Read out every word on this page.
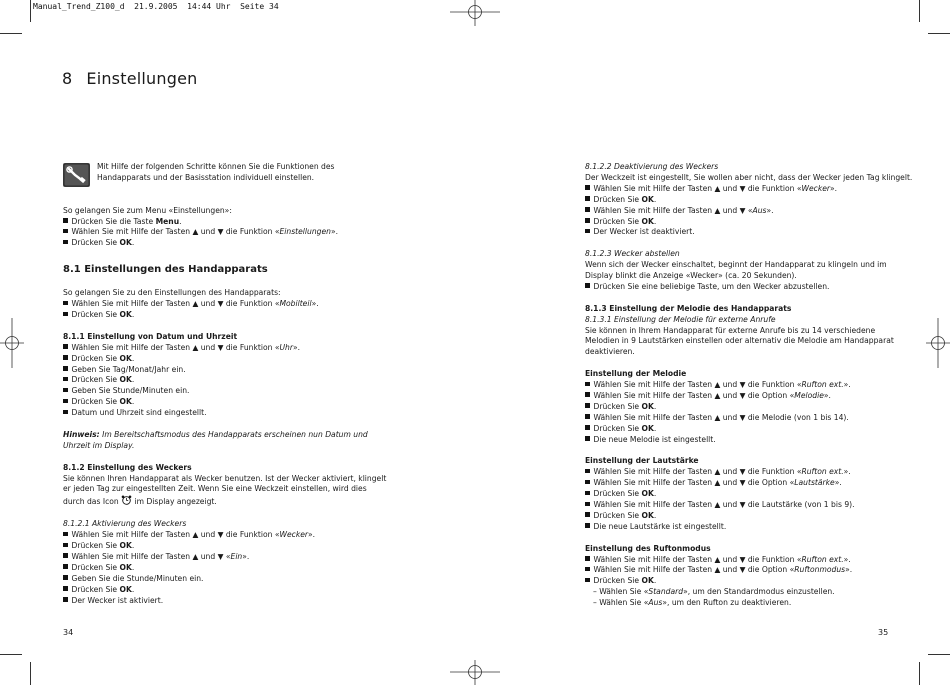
Manual_Trend_Z100_d  21.9.2005  14:44 Uhr  Seite 34
8 Einstellungen
Mit Hilfe der folgenden Schritte können Sie die Funktionen des
Handapparats und der Basisstation individuell einstellen.
So gelangen Sie zum Menu «Einstellungen»:
Drücken Sie die Taste Menu.
Wählen Sie mit Hilfe der Tasten ▲ und ▼ die Funktion «Einstellungen».
Drücken Sie OK.
8.1 Einstellungen des Handapparats
So gelangen Sie zu den Einstellungen des Handapparats:
Wählen Sie mit Hilfe der Tasten ▲ und ▼ die Funktion «Mobilteil».
Drücken Sie OK.
8.1.1 Einstellung von Datum und Uhrzeit
Wählen Sie mit Hilfe der Tasten ▲ und ▼ die Funktion «Uhr».
Drücken Sie OK.
Geben Sie Tag/Monat/Jahr ein.
Drücken Sie OK.
Geben Sie Stunde/Minuten ein.
Drücken Sie OK.
Datum und Uhrzeit sind eingestellt.
Hinweis: Im Bereitschaftsmodus des Handapparats erscheinen nun Datum und
Uhrzeit im Display.
8.1.2 Einstellung des Weckers
Sie können Ihren Handapparat als Wecker benutzen. Ist der Wecker aktiviert, klingelt
er jeden Tag zur eingestellten Zeit. Wenn Sie eine Weckzeit einstellen, wird dies
durch das Icon  im Display angezeigt.
8.1.2.1 Aktivierung des Weckers
Wählen Sie mit Hilfe der Tasten ▲ und ▼ die Funktion «Wecker».
Drücken Sie OK.
Wählen Sie mit Hilfe der Tasten ▲ und ▼ «Ein».
Drücken Sie OK.
Geben Sie die Stunde/Minuten ein.
Drücken Sie OK.
Der Wecker ist aktiviert.
34
8.1.2.2 Deaktivierung des Weckers
Der Weckzeit ist eingestellt, Sie wollen aber nicht, dass der Wecker jeden Tag klingelt.
Wählen Sie mit Hilfe der Tasten ▲ und ▼ die Funktion «Wecker».
Drücken Sie OK.
Wählen Sie mit Hilfe der Tasten ▲ und ▼ «Aus».
Drücken Sie OK.
Der Wecker ist deaktiviert.
8.1.2.3 Wecker abstellen
Wenn sich der Wecker einschaltet, beginnt der Handapparat zu klingeln und im
Display blinkt die Anzeige «Wecker» (ca. 20 Sekunden).
Drücken Sie eine beliebige Taste, um den Wecker abzustellen.
8.1.3 Einstellung der Melodie des Handapparats
8.1.3.1 Einstellung der Melodie für externe Anrufe
Sie können in Ihrem Handapparat für externe Anrufe bis zu 14 verschiedene
Melodien in 9 Lautstärken einstellen oder alternativ die Melodie am Handapparat
deaktivieren.
Einstellung der Melodie
Wählen Sie mit Hilfe der Tasten ▲ und ▼ die Funktion «Rufton ext.».
Wählen Sie mit Hilfe der Tasten ▲ und ▼ die Option «Melodie».
Drücken Sie OK.
Wählen Sie mit Hilfe der Tasten ▲ und ▼ die Melodie (von 1 bis 14).
Drücken Sie OK.
Die neue Melodie ist eingestellt.
Einstellung der Lautstärke
Wählen Sie mit Hilfe der Tasten ▲ und ▼ die Funktion «Rufton ext.».
Wählen Sie mit Hilfe der Tasten ▲ und ▼ die Option «Lautstärke».
Drücken Sie OK.
Wählen Sie mit Hilfe der Tasten ▲ und ▼ die Lautstärke (von 1 bis 9).
Drücken Sie OK.
Die neue Lautstärke ist eingestellt.
Einstellung des Ruftonmodus
Wählen Sie mit Hilfe der Tasten ▲ und ▼ die Funktion «Rufton ext.».
Wählen Sie mit Hilfe der Tasten ▲ und ▼ die Option «Ruftonmodus».
Drücken Sie OK.
– Wählen Sie «Standard», um den Standardmodus einzustellen.
– Wählen Sie «Aus», um den Rufton zu deaktivieren.
35
